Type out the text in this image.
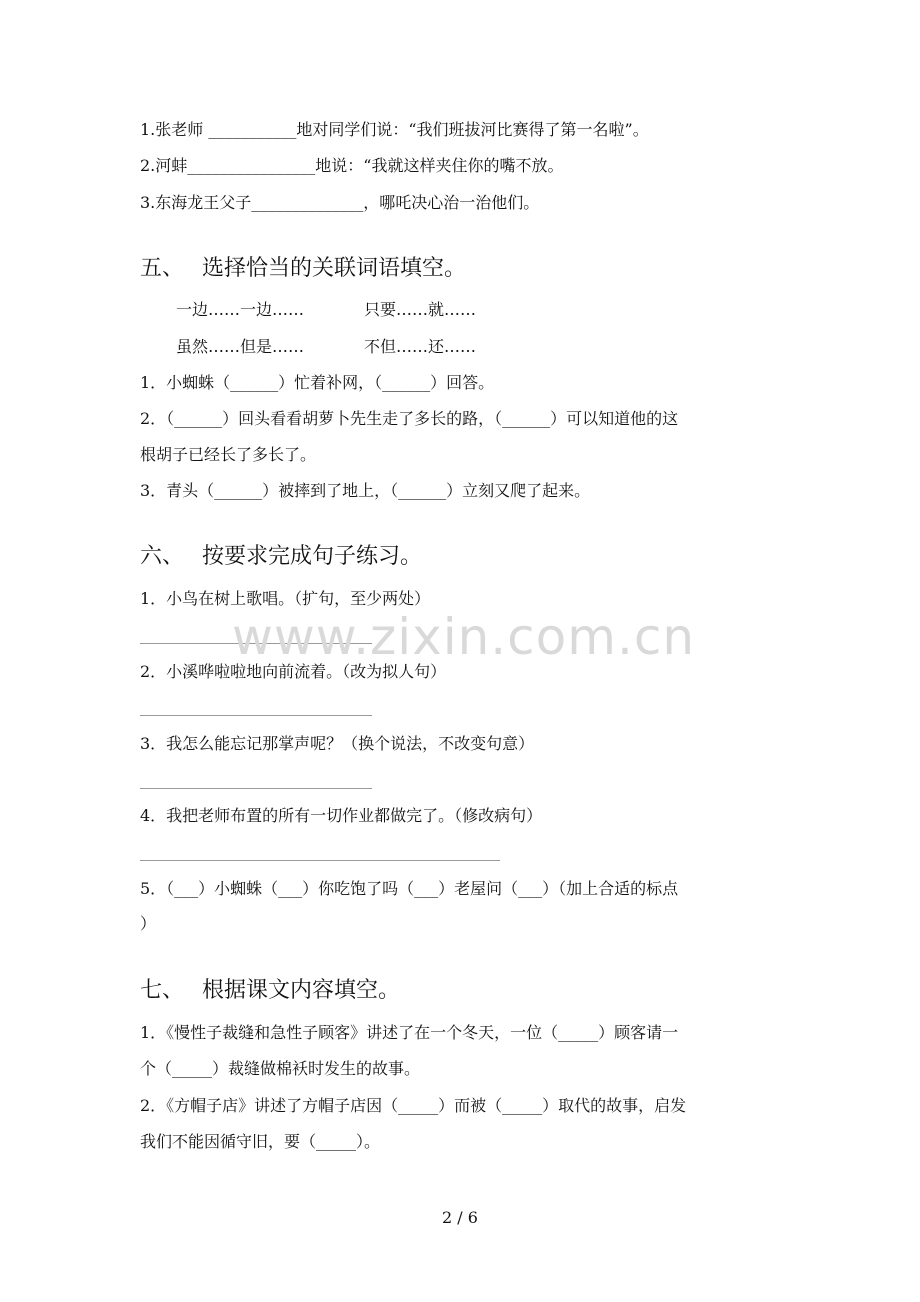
1.张老师 ___________地对同学们说：“我们班拔河比赛得了第一名啦”。
2.河蚌________________地说：“我就这样夹住你的嘴不放。
3.东海龙王父子______________，哪吒决心治一治他们。
五、 选择恰当的关联词语填空。
一边……一边……	只要……就……
虽然……但是……	不但……还……
1．小蜘蛛（______）忙着补网，（______）回答。
2．（______）回头看看胡萝卜先生走了多长的路，（______）可以知道他的这
根胡子已经长了多长了。
3．青头（______）被摔到了地上，（______）立刻又爬了起来。
六、 按要求完成句子练习。
1．小鸟在树上歌唱。（扩句，至少两处）
2．小溪哗啦啦地向前流着。（改为拟人句）
3．我怎么能忘记那掌声呢？（换个说法，不改变句意）
4．我把老师布置的所有一切作业都做完了。（修改病句）
5．（___）小蜘蛛（___）你吃饱了吗（___）老屋问（___）（加上合适的标点
）
七、 根据课文内容填空。
1．《慢性子裁缝和急性子顾客》讲述了在一个冬天，一位（_____）顾客请一
个（_____）裁缝做棉袄时发生的故事。
2．《方帽子店》讲述了方帽子店因（_____）而被（_____）取代的故事，启发
我们不能因循守旧，要（_____）。
www.zixin.com.cn
2 / 6
